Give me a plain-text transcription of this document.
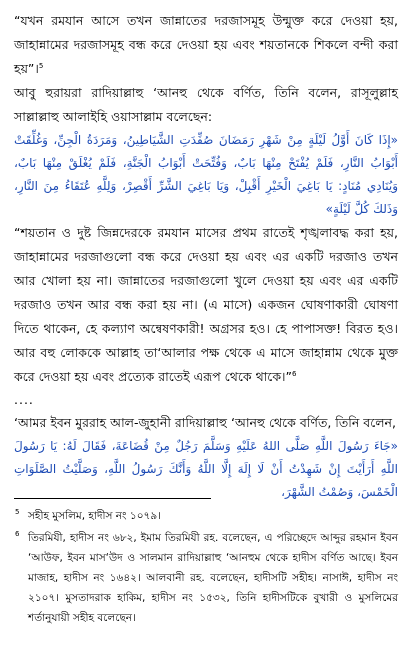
“যখন রমযান আসে তখন জান্নাতের দরজাসমূহ উন্মুক্ত করে দেওয়া হয়, জাহান্নামের দরজাসমূহ বন্ধ করে দেওয়া হয় এবং শয়তানকে শিকলে বন্দী করা হয়”।$^5$

আবু হুরায়রা রাদিয়াল্লাহু ‘আনহু থেকে বর্ণিত, তিনি বলেন, রাসূলুল্লাহ সাল্লাল্লাহু আলাইহি ওয়াসাল্লাম বলেছেন:

«إِذَا كَانَ أَوَّلُ لَيْلَةٍ مِنْ شَهْرِ رَمَضَانَ صُفِّدَتِ الشَّيَاطِينُ، وَمَرَدَةُ الْجِنِّ، وَغُلِّقَتْ أَبْوَابُ النَّارِ، فَلَمْ يُفْتَحْ مِنْهَا بَابٌ، وَفُتِّحَتْ أَبْوَابُ الْجَنَّةِ، فَلَمْ يُغْلَقْ مِنْهَا بَابٌ، وَيُنَادِي مُنَادٍ: يَا بَاغِيَ الْخَيْرِ أَقْبِلْ، وَيَا بَاغِيَ الشَّرِّ أَقْصِرْ، وَلِلَّهِ عُتَقَاءُ مِنَ النَّارِ، وَذَلكَ كُلَّ لَيْلَةٍ»

“শয়তান ও দুষ্ট জিন্নদেরকে রমযান মাসের প্রথম রাতেই শৃঙ্খলাবদ্ধ করা হয়, জাহান্নামের দরজাগুলো বন্ধ করে দেওয়া হয় এবং এর একটি দরজাও তখন আর খোলা হয় না। জান্নাতের দরজাগুলো খুলে দেওয়া হয় এবং এর একটি দরজাও তখন আর বন্ধ করা হয় না। (এ মাসে) একজন ঘোষণাকারী ঘোষণা দিতে থাকেন, হে কল্যাণ অন্বেষণকারী! অগ্রসর হও। হে পাপাসক্ত! বিরত হও। আর বহু লোককে আল্লাহ তা‘আলার পক্ষ থেকে এ মাসে জাহান্নাম থেকে মুক্ত করে দেওয়া হয় এবং প্রত্যেক রাতেই এরূপ থেকে থাকে।”$^6$

....

‘আমর ইবন মুররাহ আল-জুহানী রাদিয়াল্লাহু ‘আনহু থেকে বর্ণিত, তিনি বলেন,

«جَاءَ رَسُولَ اللَّهِ صَلَّى اللهُ عَلَيْهِ وَسَلَّمَ رَجُلٌ مِنْ قُضَاعَةَ، فَقَالَ لَهُ: يَا رَسُولَ اللَّهِ أَرَأَيْتَ إِنْ شَهِدْتُ أَنْ لَا إِلَهَ إِلَّا اللَّهُ وَأَنَّكَ رَسُولُ اللَّهِ، وَصَلَّيْتُ الصَّلَوَاتِ الْخَمْسَ، وَصُمْتُ الشَّهْرَ،

5 সহীহ মুসলিম, হাদীস নং ১০৭৯।

6 তিরমিযী, হাদীস নং ৬৮২, ইমাম তিরমিযী রহ. বলেছেন, এ পরিচ্ছেদে আব্দুর রহমান ইবন ‘আউফ, ইবন মাস‘উদ ও সালমান রাদিয়াল্লাহু ‘আনহুম থেকে হাদীস বর্ণিত আছে। ইবন মাজাহ, হাদীস নং ১৬৪২। আলবানী রহ. বলেছেন, হাদীসটি সহীহ। নাসাঈ, হাদীস নং ২১০৭। মুসতাদরাক হাকিম, হাদীস নং ১৫৩২, তিনি হাদীসটিকে বুখারী ও মুসলিমের শর্তানুযায়ী সহীহ বলেছেন।
